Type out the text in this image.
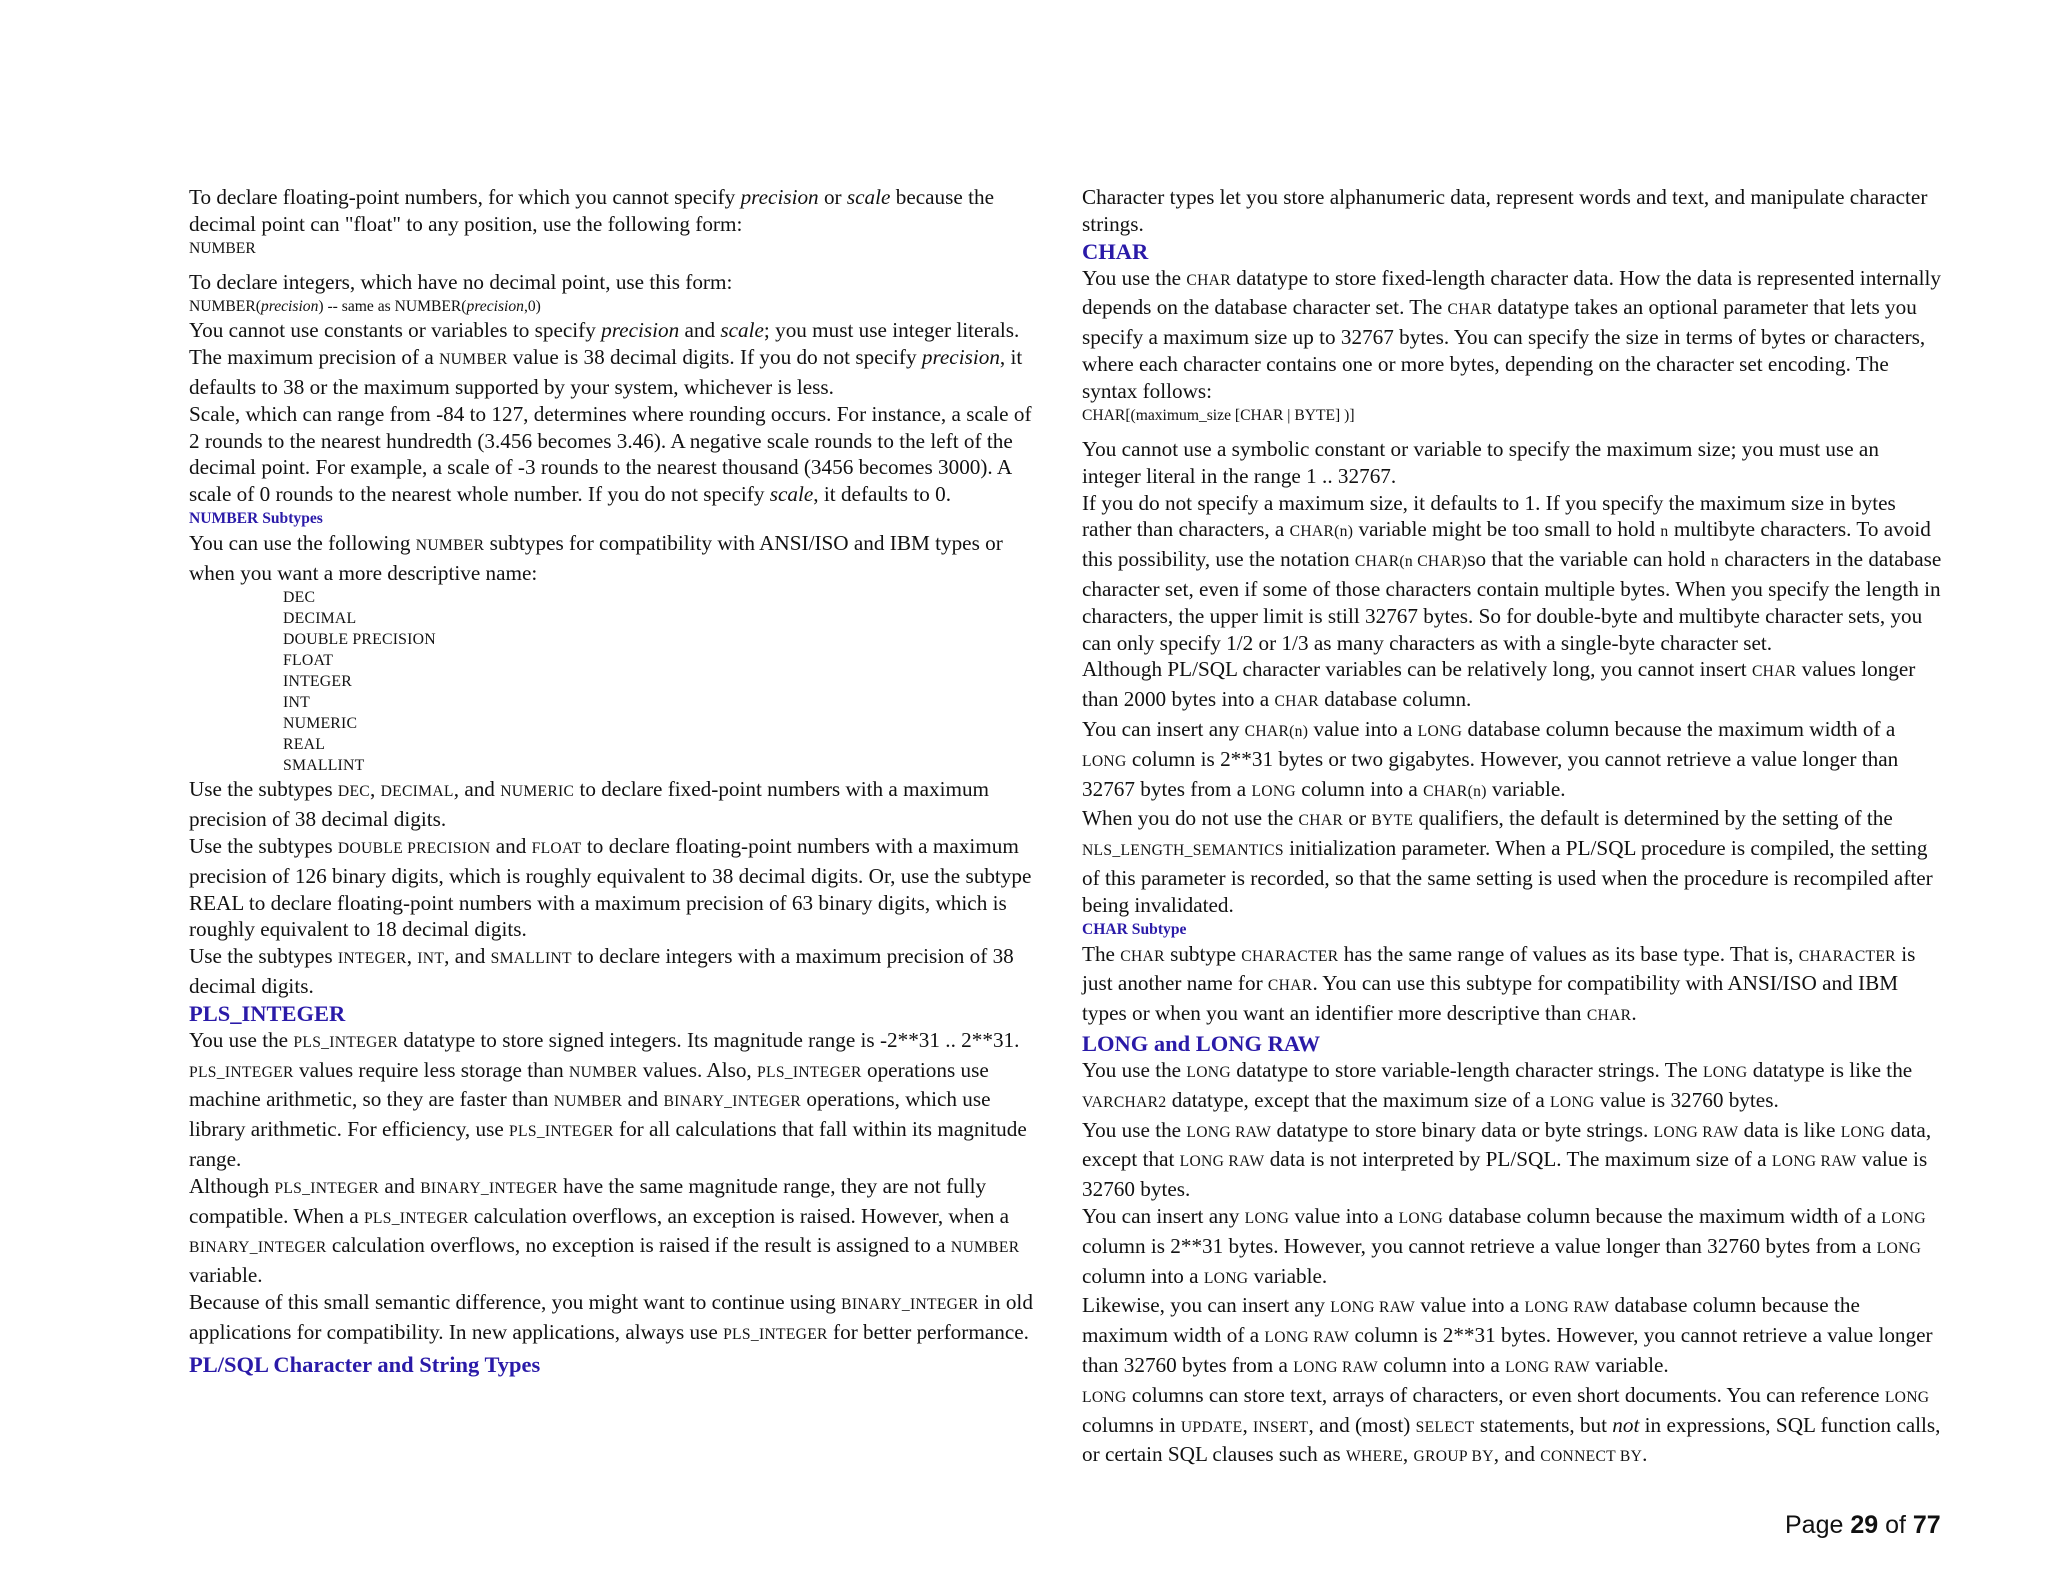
To declare floating-point numbers, for which you cannot specify precision or scale because the decimal point can "float" to any position, use the following form:

NUMBER

To declare integers, which have no decimal point, use this form:

NUMBER(precision) -- same as NUMBER(precision,0)

You cannot use constants or variables to specify precision and scale; you must use integer literals. The maximum precision of a NUMBER value is 38 decimal digits. If you do not specify precision, it defaults to 38 or the maximum supported by your system, whichever is less.

Scale, which can range from -84 to 127, determines where rounding occurs. For instance, a scale of 2 rounds to the nearest hundredth (3.456 becomes 3.46). A negative scale rounds to the left of the decimal point. For example, a scale of -3 rounds to the nearest thousand (3456 becomes 3000). A scale of 0 rounds to the nearest whole number. If you do not specify scale, it defaults to 0.

NUMBER Subtypes

You can use the following NUMBER subtypes for compatibility with ANSI/ISO and IBM types or when you want a more descriptive name:

DEC
DECIMAL
DOUBLE PRECISION
FLOAT
INTEGER
INT
NUMERIC
REAL
SMALLINT

Use the subtypes DEC, DECIMAL, and NUMERIC to declare fixed-point numbers with a maximum precision of 38 decimal digits.

Use the subtypes DOUBLE PRECISION and FLOAT to declare floating-point numbers with a maximum precision of 126 binary digits, which is roughly equivalent to 38 decimal digits. Or, use the subtype REAL to declare floating-point numbers with a maximum precision of 63 binary digits, which is roughly equivalent to 18 decimal digits.

Use the subtypes INTEGER, INT, and SMALLINT to declare integers with a maximum precision of 38 decimal digits.

PLS_INTEGER

You use the PLS_INTEGER datatype to store signed integers. Its magnitude range is -2**31 .. 2**31. PLS_INTEGER values require less storage than NUMBER values. Also, PLS_INTEGER operations use machine arithmetic, so they are faster than NUMBER and BINARY_INTEGER operations, which use library arithmetic. For efficiency, use PLS_INTEGER for all calculations that fall within its magnitude range.

Although PLS_INTEGER and BINARY_INTEGER have the same magnitude range, they are not fully compatible. When a PLS_INTEGER calculation overflows, an exception is raised. However, when a BINARY_INTEGER calculation overflows, no exception is raised if the result is assigned to a NUMBER variable.

Because of this small semantic difference, you might want to continue using BINARY_INTEGER in old applications for compatibility. In new applications, always use PLS_INTEGER for better performance.

PL/SQL Character and String Types

Character types let you store alphanumeric data, represent words and text, and manipulate character strings.

CHAR

You use the CHAR datatype to store fixed-length character data. How the data is represented internally depends on the database character set. The CHAR datatype takes an optional parameter that lets you specify a maximum size up to 32767 bytes. You can specify the size in terms of bytes or characters, where each character contains one or more bytes, depending on the character set encoding. The syntax follows:

CHAR[(maximum_size [CHAR | BYTE] )]

You cannot use a symbolic constant or variable to specify the maximum size; you must use an integer literal in the range 1 .. 32767.

If you do not specify a maximum size, it defaults to 1. If you specify the maximum size in bytes rather than characters, a CHAR(n) variable might be too small to hold n multibyte characters. To avoid this possibility, use the notation CHAR(n CHAR)so that the variable can hold n characters in the database character set, even if some of those characters contain multiple bytes. When you specify the length in characters, the upper limit is still 32767 bytes. So for double-byte and multibyte character sets, you can only specify 1/2 or 1/3 as many characters as with a single-byte character set.

Although PL/SQL character variables can be relatively long, you cannot insert CHAR values longer than 2000 bytes into a CHAR database column.

You can insert any CHAR(n) value into a LONG database column because the maximum width of a LONG column is 2**31 bytes or two gigabytes. However, you cannot retrieve a value longer than 32767 bytes from a LONG column into a CHAR(n) variable.

When you do not use the CHAR or BYTE qualifiers, the default is determined by the setting of the NLS_LENGTH_SEMANTICS initialization parameter. When a PL/SQL procedure is compiled, the setting of this parameter is recorded, so that the same setting is used when the procedure is recompiled after being invalidated.

CHAR Subtype

The CHAR subtype CHARACTER has the same range of values as its base type. That is, CHARACTER is just another name for CHAR. You can use this subtype for compatibility with ANSI/ISO and IBM types or when you want an identifier more descriptive than CHAR.

LONG and LONG RAW

You use the LONG datatype to store variable-length character strings. The LONG datatype is like the VARCHAR2 datatype, except that the maximum size of a LONG value is 32760 bytes.

You use the LONG RAW datatype to store binary data or byte strings. LONG RAW data is like LONG data, except that LONG RAW data is not interpreted by PL/SQL. The maximum size of a LONG RAW value is 32760 bytes.

You can insert any LONG value into a LONG database column because the maximum width of a LONG column is 2**31 bytes. However, you cannot retrieve a value longer than 32760 bytes from a LONG column into a LONG variable.

Likewise, you can insert any LONG RAW value into a LONG RAW database column because the maximum width of a LONG RAW column is 2**31 bytes. However, you cannot retrieve a value longer than 32760 bytes from a LONG RAW column into a LONG RAW variable.

LONG columns can store text, arrays of characters, or even short documents. You can reference LONG columns in UPDATE, INSERT, and (most) SELECT statements, but not in expressions, SQL function calls, or certain SQL clauses such as WHERE, GROUP BY, and CONNECT BY.

Page 29 of 77
